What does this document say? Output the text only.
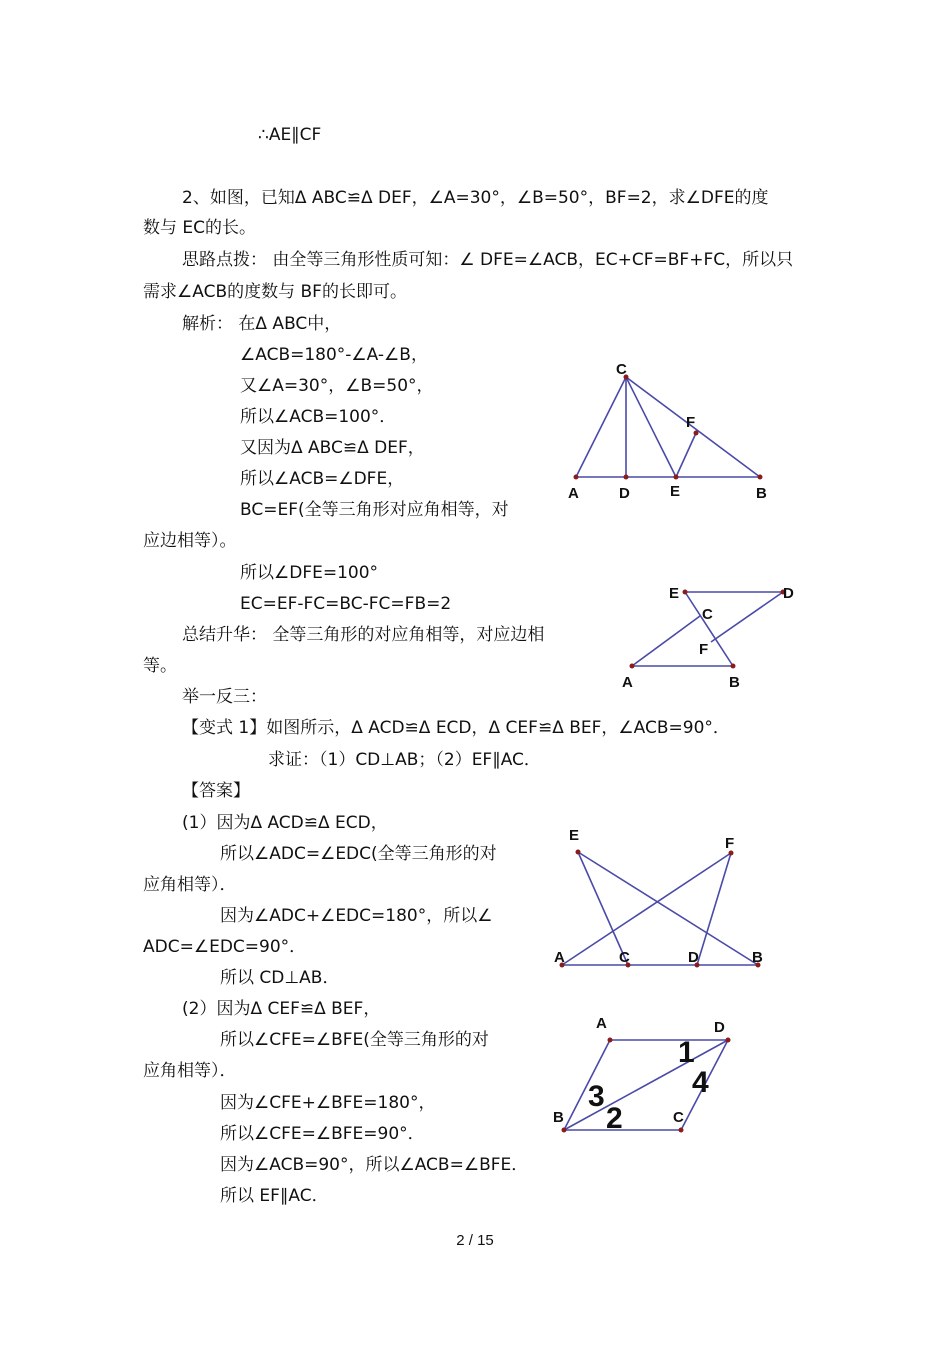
∴AE∥CF
2、如图，已知Δ ABC≌Δ DEF，∠A=30°，∠B=50°，BF=2，求∠DFE的度
数与 EC的长。
思路点拨： 由全等三角形性质可知：∠ DFE=∠ACB，EC+CF=BF+FC，所以只
需求∠ACB的度数与 BF的长即可。
解析： 在Δ ABC中，
∠ACB=180°-∠A-∠B，
又∠A=30°，∠B=50°，
所以∠ACB=100°．
又因为Δ ABC≌Δ DEF，
所以∠ACB=∠DFE，
BC=EF(全等三角形对应角相等，对
应边相等）。
所以∠DFE=100°
EC=EF-FC=BC-FC=FB=2
总结升华： 全等三角形的对应角相等，对应边相
等。
举一反三：
【变式 1】如图所示，Δ ACD≌Δ ECD，Δ CEF≌Δ BEF，∠ACB=90°．
求证：（1）CD⊥AB；（2）EF∥AC．
【答案】
(1）因为Δ ACD≌Δ ECD，
所以∠ADC=∠EDC(全等三角形的对
应角相等）．
因为∠ADC+∠EDC=180°，所以∠
ADC=∠EDC=90°．
所以 CD⊥AB．
(2）因为Δ CEF≌Δ BEF，
所以∠CFE=∠BFE(全等三角形的对
应角相等）．
因为∠CFE+∠BFE=180°，
所以∠CFE=∠BFE=90°．
因为∠ACB=90°，所以∠ACB=∠BFE．
所以 EF∥AC．
C
F
A	D	E	B
E	D
C
F
A	B
E	F
A	C	D	B
A	D
B	C
1
2
3	4
2 / 15
